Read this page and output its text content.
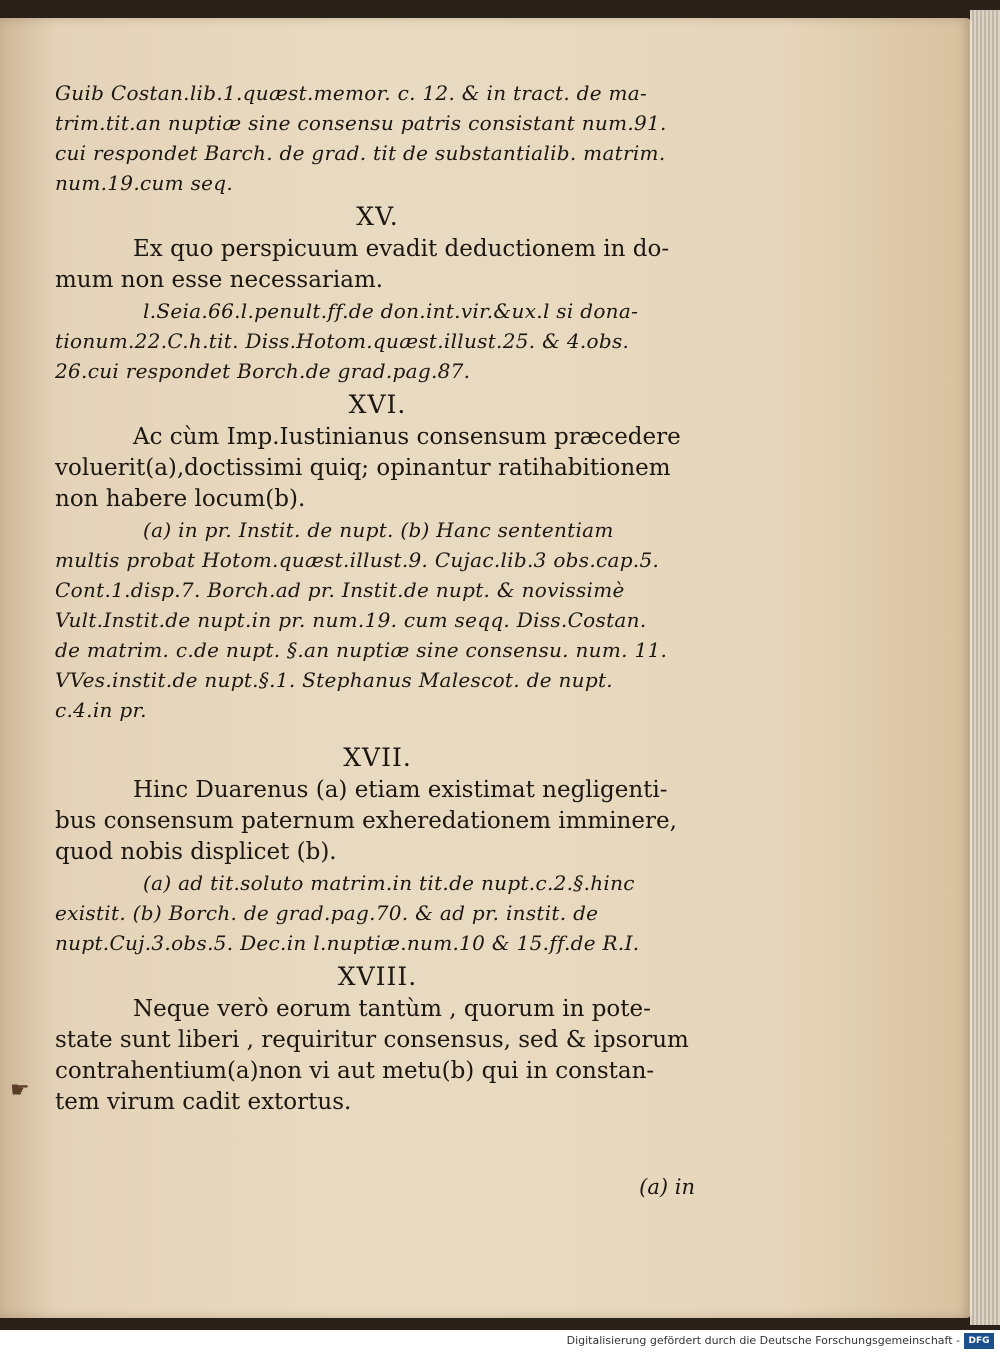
Guib Costan.lib.1.quæst.memor. c. 12. & in tract. de ma-
trim.tit.an nuptiæ sine consensu patris consistant num.91.
cui respondet Barch. de grad. tit de substantialib. matrim.
num.19.cum seq.
XV.
Ex quo perspicuum evadit deductionem in do-
mum non esse necessariam.
l.Seia.66.l.penult.ff.de don.int.vir.&ux.l si dona-
tionum.22.C.h.tit. Diss.Hotom.quæst.illust.25. & 4.obs.
26.cui respondet Borch.de grad.pag.87.
XVI.
Ac cùm Imp.Iustinianus consensum præcedere
voluerit(a),doctissimi quiq; opinantur ratihabitionem
non habere locum(b).
(a) in pr. Instit. de nupt. (b) Hanc sententiam
multis probat Hotom.quæst.illust.9. Cujac.lib.3 obs.cap.5.
Cont.1.disp.7. Borch.ad pr. Instit.de nupt. & novissimè
Vult.Instit.de nupt.in pr. num.19. cum seqq. Diss.Costan.
de matrim. c.de nupt. §.an nuptiæ sine consensu. num. 11.
VVes.instit.de nupt.§.1. Stephanus Malescot. de nupt.
c.4.in pr.
XVII.
Hinc Duarenus (a) etiam existimat negligenti-
bus consensum paternum exheredationem imminere,
quod nobis displicet (b).
(a) ad tit.soluto matrim.in tit.de nupt.c.2.§.hinc
existit. (b) Borch. de grad.pag.70. & ad pr. instit. de
nupt.Cuj.3.obs.5. Dec.in l.nuptiæ.num.10 & 15.ff.de R.I.
XVIII.
Neque verò eorum tantùm , quorum in pote-
state sunt liberi , requiritur consensus, sed & ipsorum
contrahentium(a)non vi aut metu(b) qui in constan-
tem virum cadit extortus.
☛
(a) in
Digitalisierung gefördert durch die Deutsche Forschungsgemeinschaft - DFG
